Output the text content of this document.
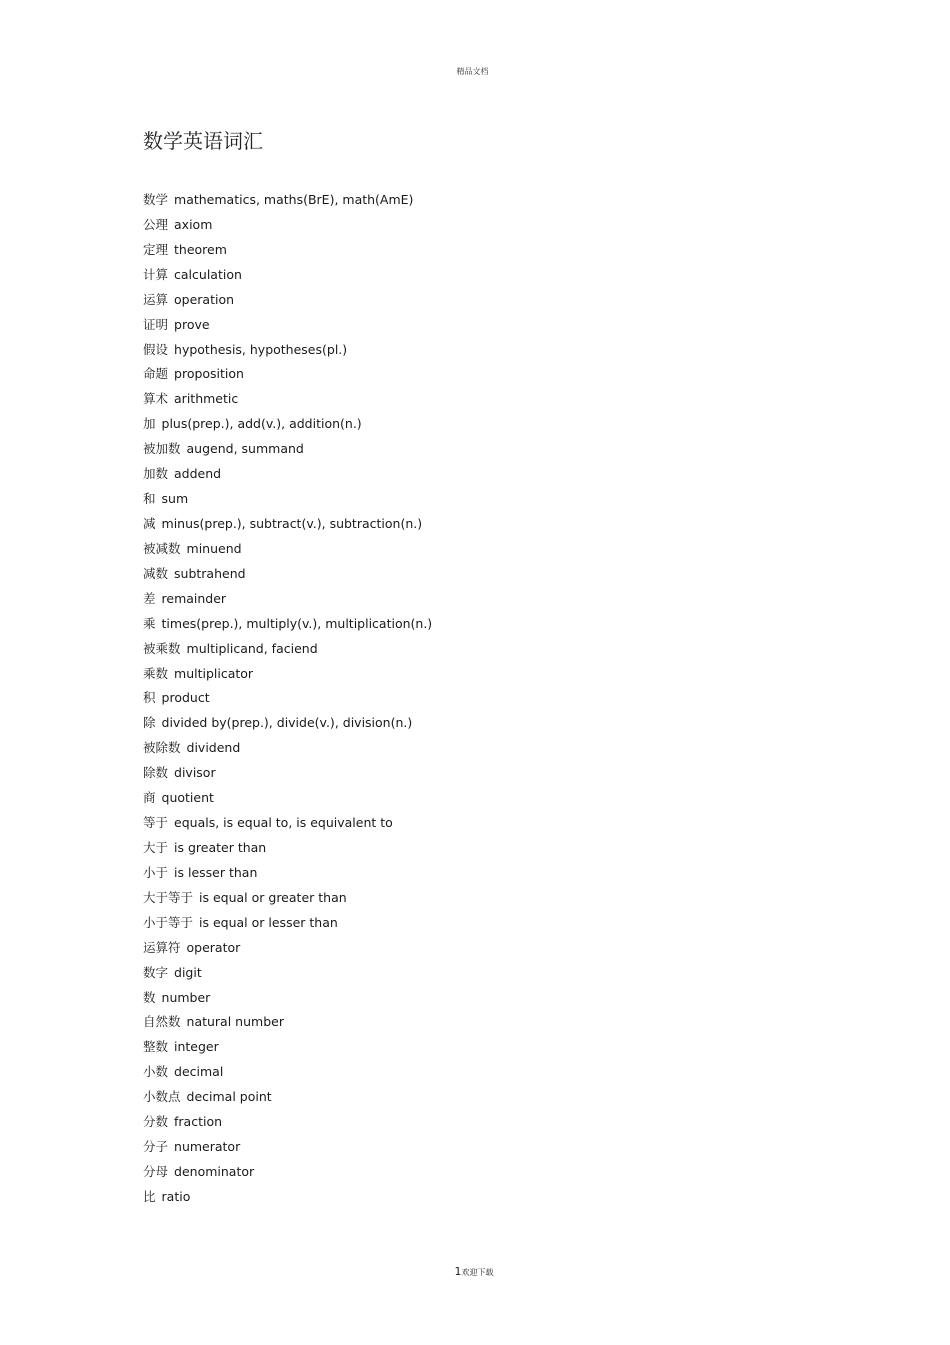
精品文档
数学英语词汇
数学 mathematics, maths(BrE), math(AmE)
公理 axiom
定理 theorem
计算 calculation
运算 operation
证明 prove
假设 hypothesis, hypotheses(pl.)
命题 proposition
算术 arithmetic
加 plus(prep.), add(v.), addition(n.)
被加数 augend, summand
加数 addend
和 sum
减 minus(prep.), subtract(v.), subtraction(n.)
被减数 minuend
减数 subtrahend
差 remainder
乘 times(prep.), multiply(v.), multiplication(n.)
被乘数 multiplicand, faciend
乘数 multiplicator
积 product
除 divided by(prep.), divide(v.), division(n.)
被除数 dividend
除数 divisor
商 quotient
等于 equals, is equal to, is equivalent to
大于 is greater than
小于 is lesser than
大于等于 is equal or greater than
小于等于 is equal or lesser than
运算符 operator
数字 digit
数 number
自然数 natural number
整数 integer
小数 decimal
小数点 decimal point
分数 fraction
分子 numerator
分母 denominator
比 ratio
1欢迎下载
